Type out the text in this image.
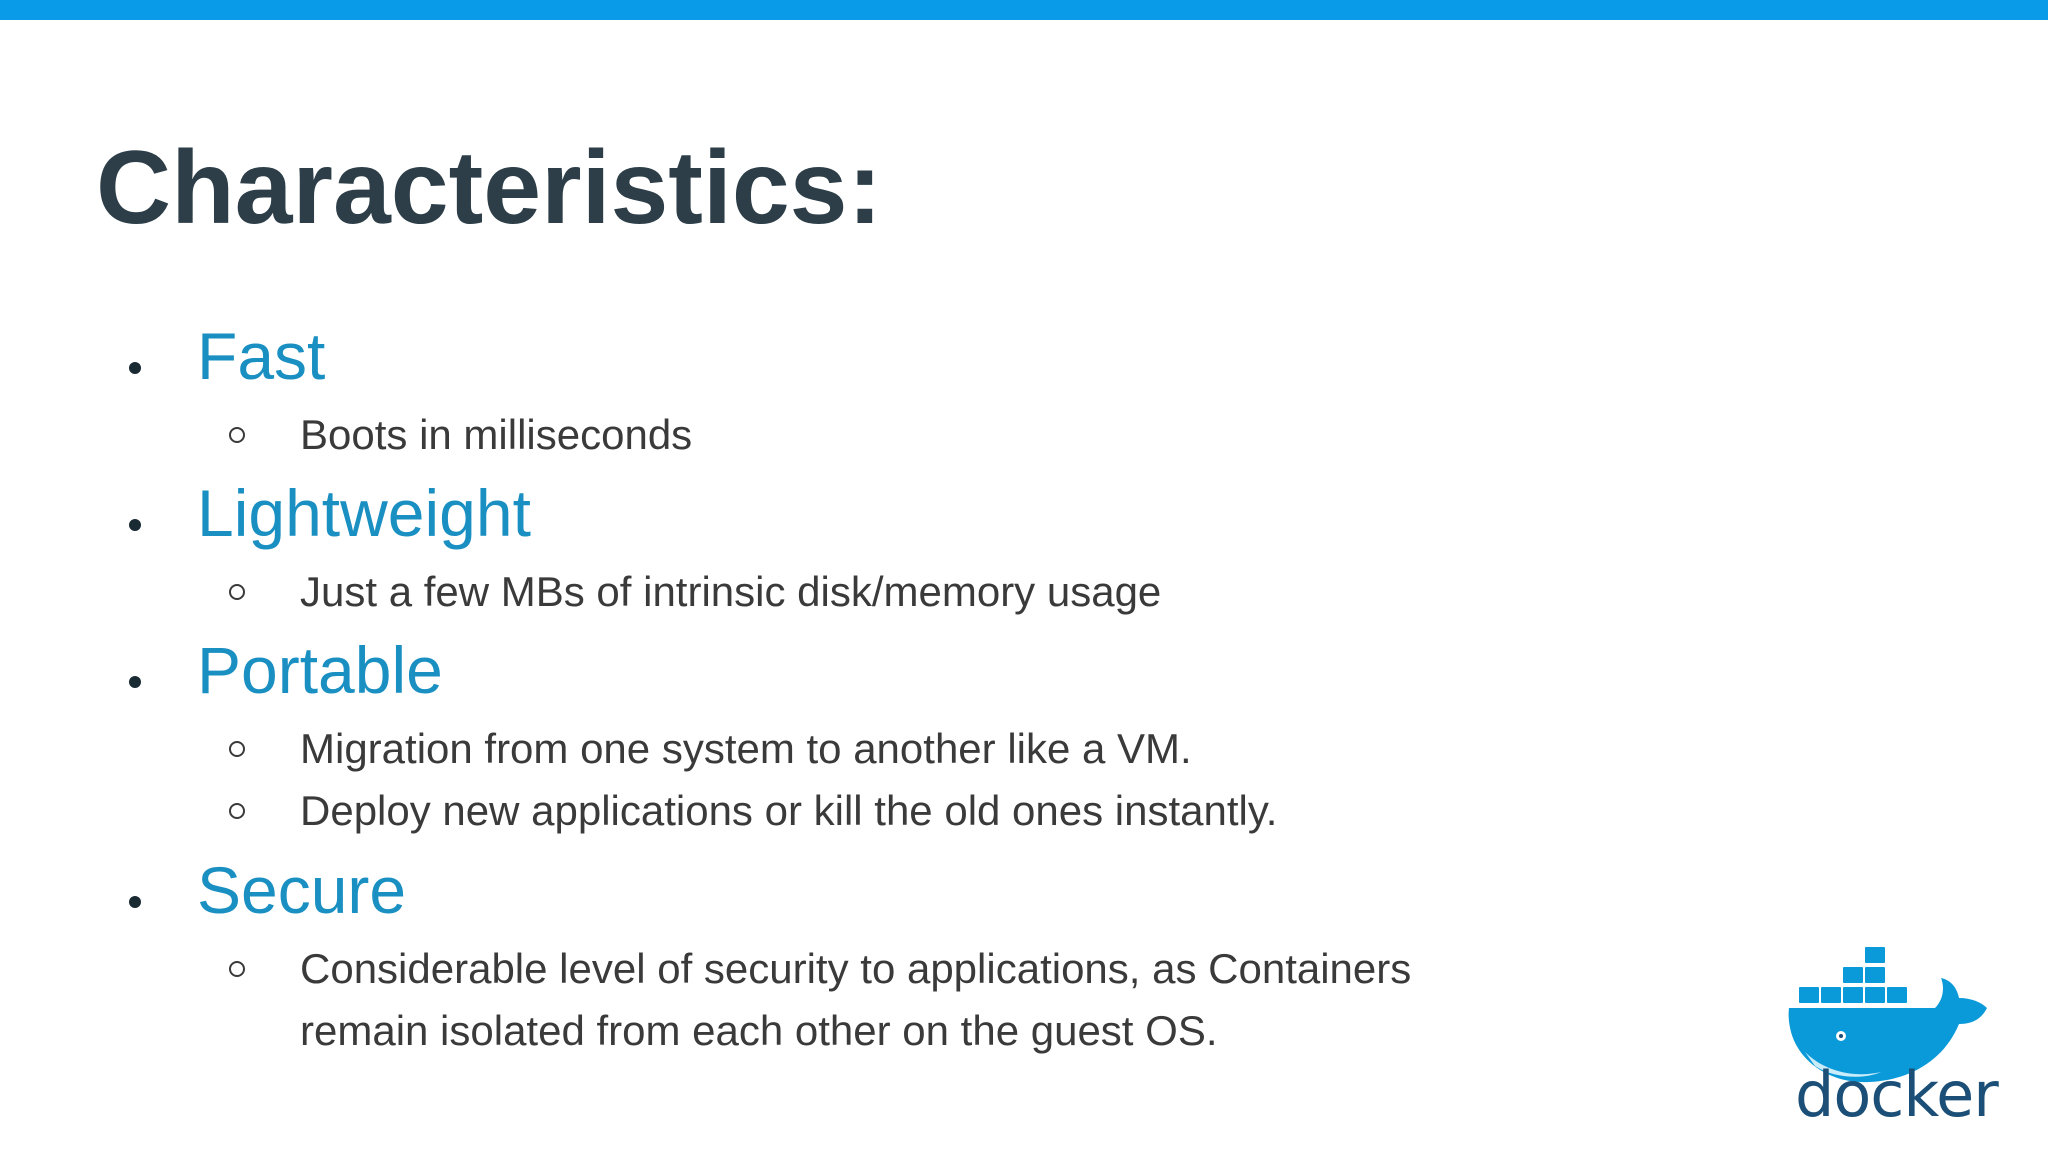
Characteristics:
Fast
Boots in milliseconds
Lightweight
Just a few MBs of intrinsic disk/memory usage
Portable
Migration from one system to another like a VM.
Deploy new applications or kill the old ones instantly.
Secure
Considerable level of security to applications, as Containers
remain isolated from each other on the guest OS.
docker
